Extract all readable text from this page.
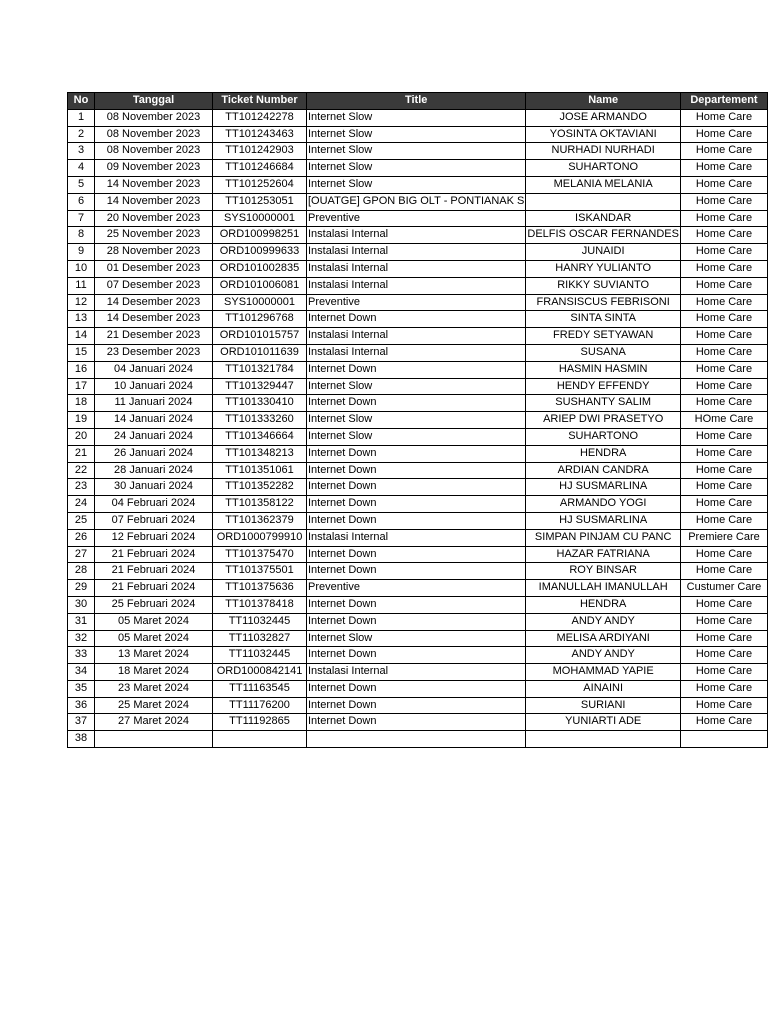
No	Tanggal	Ticket Number	Title	Name	Departement
1	08 November 2023	TT101242278	Internet Slow	JOSE ARMANDO	Home Care
2	08 November 2023	TT101243463	Internet Slow	YOSINTA OKTAVIANI	Home Care
3	08 November 2023	TT101242903	Internet Slow	NURHADI NURHADI	Home Care
4	09 November 2023	TT101246684	Internet Slow	SUHARTONO	Home Care
5	14 November 2023	TT101252604	Internet Slow	MELANIA MELANIA	Home Care
6	14 November 2023	TT101253051	[OUATGE] GPON BIG OLT - PONTIANAK S		Home Care
7	20 November 2023	SYS10000001	Preventive	ISKANDAR	Home Care
8	25 November 2023	ORD100998251	Instalasi Internal	DELFIS OSCAR FERNANDES	Home Care
9	28 November 2023	ORD100999633	Instalasi Internal	JUNAIDI	Home Care
10	01 Desember 2023	ORD101002835	Instalasi Internal	HANRY YULIANTO	Home Care
11	07 Desember 2023	ORD101006081	Instalasi Internal	RIKKY SUVIANTO	Home Care
12	14 Desember 2023	SYS10000001	Preventive	FRANSISCUS FEBRISONI	Home Care
13	14 Desember 2023	TT101296768	Internet Down	SINTA SINTA	Home Care
14	21 Desember 2023	ORD101015757	Instalasi Internal	FREDY SETYAWAN	Home Care
15	23 Desember 2023	ORD101011639	Instalasi Internal	SUSANA	Home Care
16	04 Januari 2024	TT101321784	Internet Down	HASMIN HASMIN	Home Care
17	10 Januari 2024	TT101329447	Internet Slow	HENDY EFFENDY	Home Care
18	11 Januari 2024	TT101330410	Internet Down	SUSHANTY SALIM	Home Care
19	14 Januari 2024	TT101333260	Internet Slow	ARIEP DWI PRASETYO	HOme Care
20	24 Januari 2024	TT101346664	Internet Slow	SUHARTONO	Home Care
21	26 Januari 2024	TT101348213	Internet Down	HENDRA	Home Care
22	28 Januari 2024	TT101351061	Internet Down	ARDIAN CANDRA	Home Care
23	30 Januari 2024	TT101352282	Internet Down	HJ SUSMARLINA	Home Care
24	04 Februari 2024	TT101358122	Internet Down	ARMANDO YOGI	Home Care
25	07 Februari 2024	TT101362379	Internet Down	HJ SUSMARLINA	Home Care
26	12 Februari 2024	ORD1000799910	Instalasi Internal	SIMPAN PINJAM CU PANC	Premiere Care
27	21 Februari 2024	TT101375470	Internet Down	HAZAR FATRIANA	Home Care
28	21 Februari 2024	TT101375501	Internet Down	ROY BINSAR	Home Care
29	21 Februari 2024	TT101375636	Preventive	IMANULLAH IMANULLAH	Custumer Care
30	25 Februari 2024	TT101378418	Internet Down	HENDRA	Home Care
31	05 Maret 2024	TT11032445	Internet Down	ANDY ANDY	Home Care
32	05 Maret 2024	TT11032827	Internet Slow	MELISA ARDIYANI	Home Care
33	13 Maret 2024	TT11032445	Internet Down	ANDY ANDY	Home Care
34	18 Maret 2024	ORD1000842141	Instalasi Internal	MOHAMMAD YAPIE	Home Care
35	23 Maret 2024	TT11163545	Internet Down	AINAINI	Home Care
36	25 Maret 2024	TT11176200	Internet Down	SURIANI	Home Care
37	27 Maret 2024	TT11192865	Internet Down	YUNIARTI ADE	Home Care
38					
